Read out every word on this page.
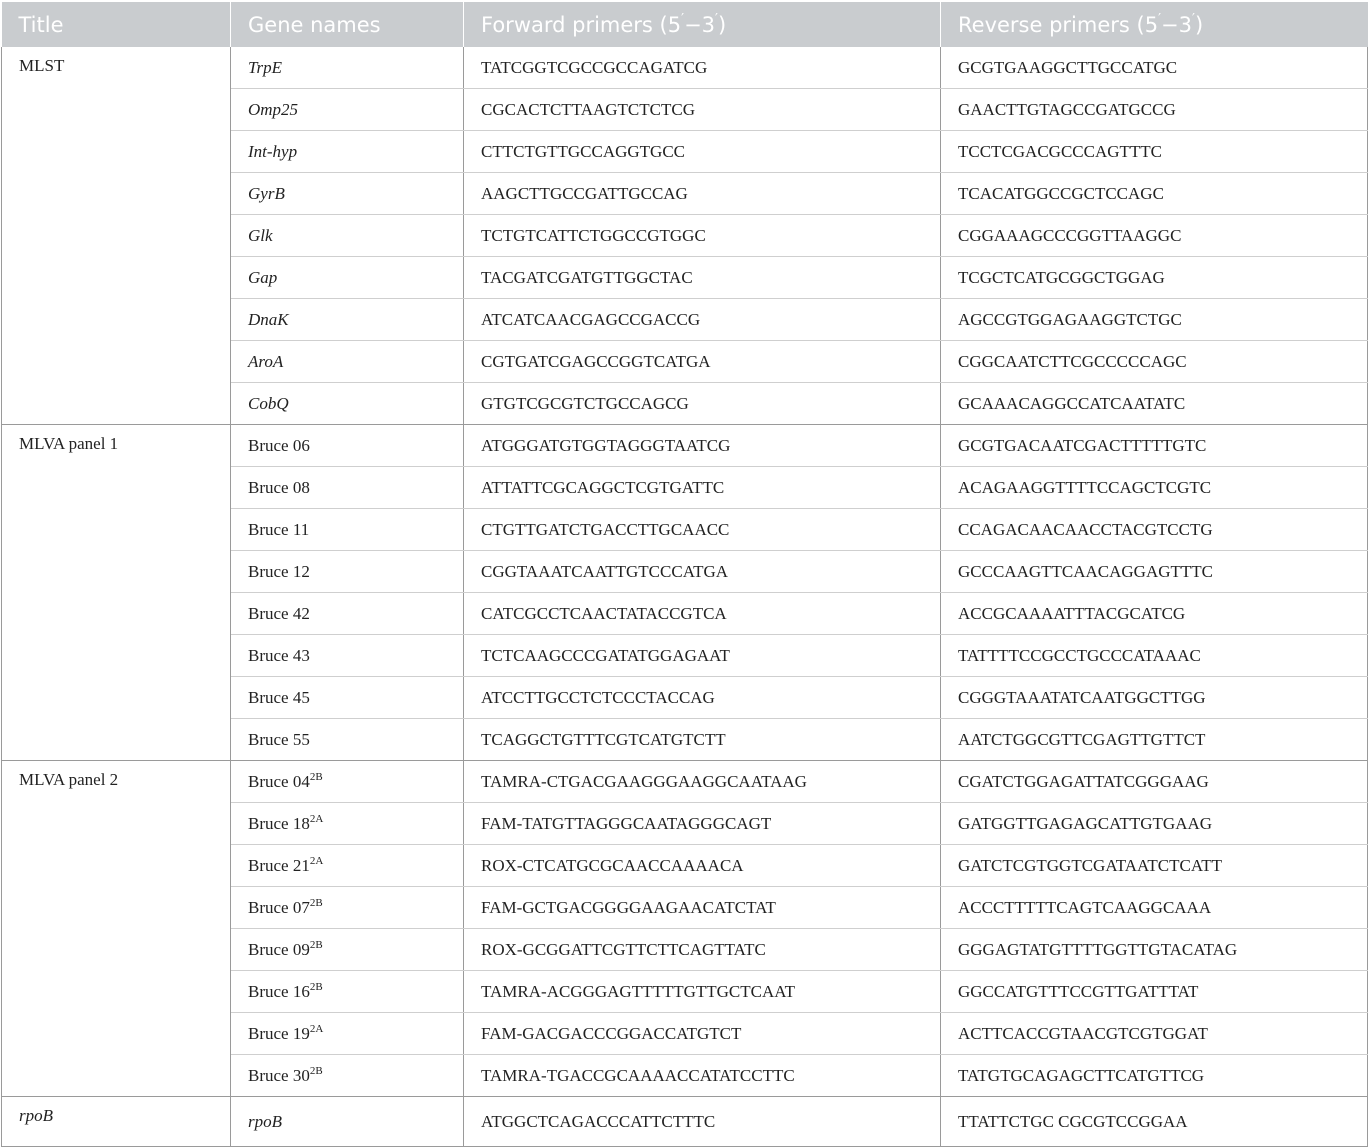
Title	Gene names	Forward primers (5′−3′)	Reverse primers (5′−3′)
MLST	TrpE	TATCGGTCGCCGCCAGATCG	GCGTGAAGGCTTGCCATGC
	Omp25	CGCACTCTTAAGTCTCTCG	GAACTTGTAGCCGATGCCG
	Int-hyp	CTTCTGTTGCCAGGTGCC	TCCTCGACGCCCAGTTTC
	GyrB	AAGCTTGCCGATTGCCAG	TCACATGGCCGCTCCAGC
	Glk	TCTGTCATTCTGGCCGTGGC	CGGAAAGCCCGGTTAAGGC
	Gap	TACGATCGATGTTGGCTAC	TCGCTCATGCGGCTGGAG
	DnaK	ATCATCAACGAGCCGACCG	AGCCGTGGAGAAGGTCTGC
	AroA	CGTGATCGAGCCGGTCATGA	CGGCAATCTTCGCCCCCAGC
	CobQ	GTGTCGCGTCTGCCAGCG	GCAAACAGGCCATCAATATC
MLVA panel 1	Bruce 06	ATGGGATGTGGTAGGGTAATCG	GCGTGACAATCGACTTTTTGTC
	Bruce 08	ATTATTCGCAGGCTCGTGATTC	ACAGAAGGTTTTCCAGCTCGTC
	Bruce 11	CTGTTGATCTGACCTTGCAACC	CCAGACAACAACCTACGTCCTG
	Bruce 12	CGGTAAATCAATTGTCCCATGA	GCCCAAGTTCAACAGGAGTTTC
	Bruce 42	CATCGCCTCAACTATACCGTCA	ACCGCAAAATTTACGCATCG
	Bruce 43	TCTCAAGCCCGATATGGAGAAT	TATTTTCCGCCTGCCCATAAAC
	Bruce 45	ATCCTTGCCTCTCCCTACCAG	CGGGTAAATATCAATGGCTTGG
	Bruce 55	TCAGGCTGTTTCGTCATGTCTT	AATCTGGCGTTCGAGTTGTTCT
MLVA panel 2	Bruce $04^{2B}$	TAMRA-CTGACGAAGGGAAGGCAATAAG	CGATCTGGAGATTATCGGGAAG
	Bruce $18^{2A}$	FAM-TATGTTAGGGCAATAGGGCAGT	GATGGTTGAGAGCATTGTGAAG
	Bruce $21^{2A}$	ROX-CTCATGCGCAACCAAAACA	GATCTCGTGGTCGATAATCTCATT
	Bruce $07^{2B}$	FAM-GCTGACGGGGAAGAACATCTAT	ACCCTTTTTCAGTCAAGGCAAA
	Bruce $09^{2B}$	ROX-GCGGATTCGTTCTTCAGTTATC	GGGAGTATGTTTTGGTTGTACATAG
	Bruce $16^{2B}$	TAMRA-ACGGGAGTTTTTGTTGCTCAAT	GGCCATGTTTCCGTTGATTTAT
	Bruce $19^{2A}$	FAM-GACGACCCGGACCATGTCT	ACTTCACCGTAACGTCGTGGAT
	Bruce $30^{2B}$	TAMRA-TGACCGCAAAACCATATCCTTC	TATGTGCAGAGCTTCATGTTCG
rpoB	rpoB	ATGGCTCAGACCCATTCTTTC	TTATTCTGC CGCGTCCGGAA
